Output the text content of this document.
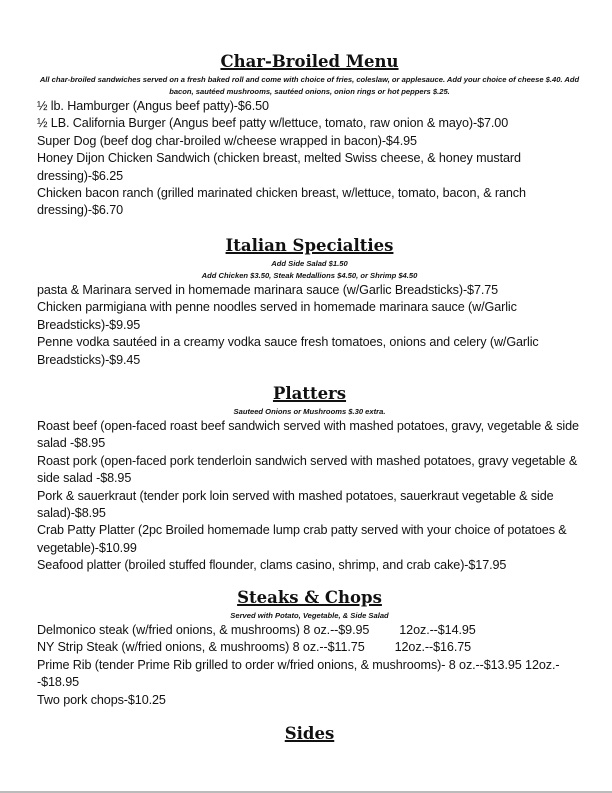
Char-Broiled Menu

All char-broiled sandwiches served on a fresh baked roll and come with choice of fries, coleslaw, or applesauce. Add your choice of cheese $.40. Add bacon, sautéed mushrooms, sautéed onions, onion rings or hot peppers $.25.

½ lb. Hamburger (Angus beef patty)-$6.50

½ LB. California Burger (Angus beef patty w/lettuce, tomato, raw onion & mayo)-$7.00

Super Dog (beef dog char-broiled w/cheese wrapped in bacon)-$4.95

Honey Dijon Chicken Sandwich (chicken breast, melted Swiss cheese, & honey mustard dressing)-$6.25

Chicken bacon ranch (grilled marinated chicken breast, w/lettuce, tomato, bacon, & ranch dressing)-$6.70

Italian Specialties

Add Side Salad $1.50

Add Chicken $3.50, Steak Medallions $4.50, or Shrimp $4.50

pasta & Marinara served in homemade marinara sauce (w/Garlic Breadsticks)-$7.75

Chicken parmigiana with penne noodles served in homemade marinara sauce (w/Garlic Breadsticks)-$9.95

Penne vodka sautéed in a creamy vodka sauce fresh tomatoes, onions and celery (w/Garlic Breadsticks)-$9.45

Platters

Sauteed Onions or Mushrooms $.30 extra.

Roast beef (open-faced roast beef sandwich served with mashed potatoes, gravy, vegetable & side salad -$8.95

Roast pork (open-faced pork tenderloin sandwich served with mashed potatoes, gravy vegetable & side salad -$8.95

Pork & sauerkraut (tender pork loin served with mashed potatoes, sauerkraut vegetable & side salad)-$8.95

Crab Patty Platter (2pc Broiled homemade lump crab patty served with your choice of potatoes & vegetable)-$10.99

Seafood platter (broiled stuffed flounder, clams casino, shrimp, and crab cake)-$17.95

Steaks & Chops

Served with Potato, Vegetable, & Side Salad

Delmonico steak (w/fried onions, & mushrooms) 8 oz.--$9.95 12oz.--$14.95

NY Strip Steak (w/fried onions, & mushrooms) 8 oz.--$11.75 12oz.--$16.75

Prime Rib (tender Prime Rib grilled to order w/fried onions, & mushrooms)- 8 oz.--$13.95 12oz.--$18.95

Two pork chops-$10.25

Sides
